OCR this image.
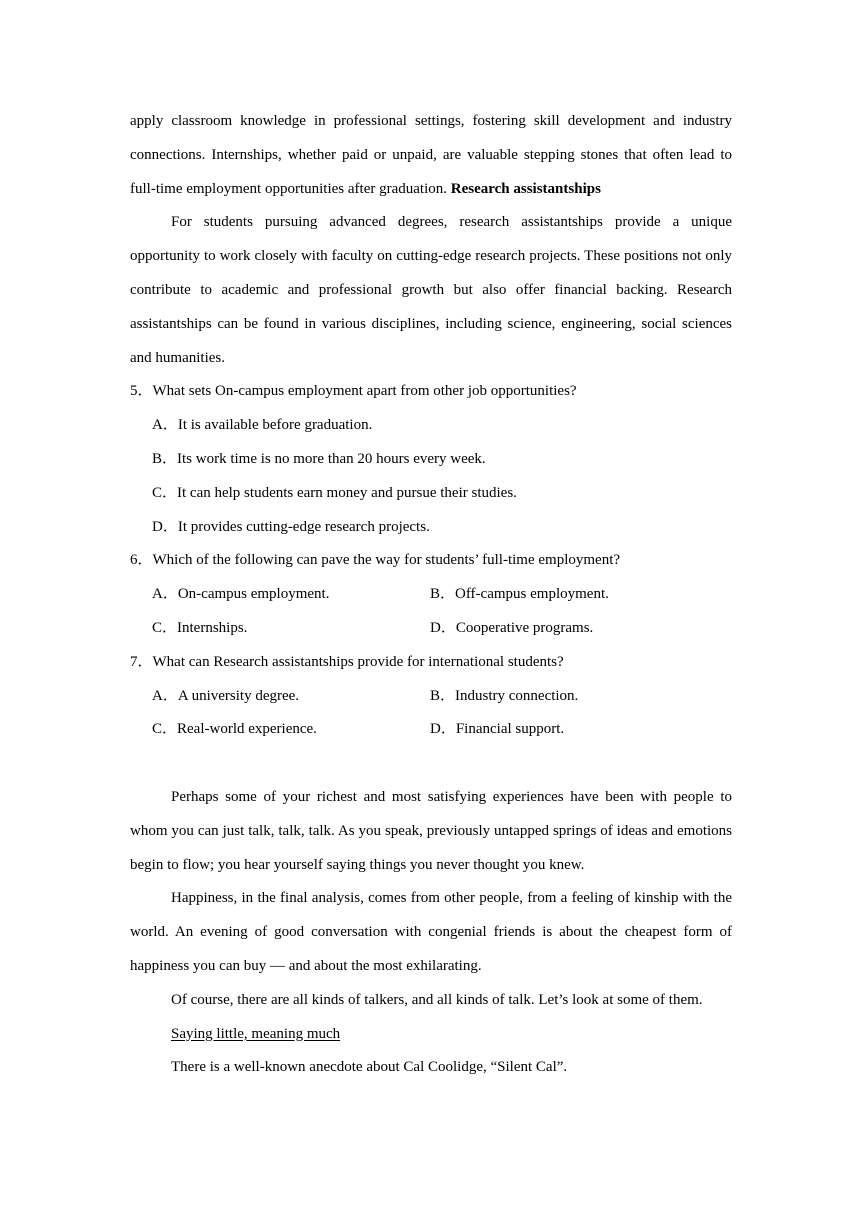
apply classroom knowledge in professional settings, fostering skill development and industry connections. Internships, whether paid or unpaid, are valuable stepping stones that often lead to full-time employment opportunities after graduation. Research assistantships

For students pursuing advanced degrees, research assistantships provide a unique opportunity to work closely with faculty on cutting-edge research projects. These positions not only contribute to academic and professional growth but also offer financial backing. Research assistantships can be found in various disciplines, including science, engineering, social sciences and humanities.

5．What sets On-campus employment apart from other job opportunities?
A．It is available before graduation.
B．Its work time is no more than 20 hours every week.
C．It can help students earn money and pursue their studies.
D．It provides cutting-edge research projects.
6．Which of the following can pave the way for students’ full-time employment?
A．On-campus employment.	B．Off-campus employment.
C．Internships.	D．Cooperative programs.
7．What can Research assistantships provide for international students?
A．A university degree.	B．Industry connection.
C．Real-world experience.	D．Financial support.

Perhaps some of your richest and most satisfying experiences have been with people to whom you can just talk, talk, talk. As you speak, previously untapped springs of ideas and emotions begin to flow; you hear yourself saying things you never thought you knew.

Happiness, in the final analysis, comes from other people, from a feeling of kinship with the world. An evening of good conversation with congenial friends is about the cheapest form of happiness you can buy — and about the most exhilarating.

Of course, there are all kinds of talkers, and all kinds of talk. Let’s look at some of them.

Saying little, meaning much

There is a well-known anecdote about Cal Coolidge, “Silent Cal”.
